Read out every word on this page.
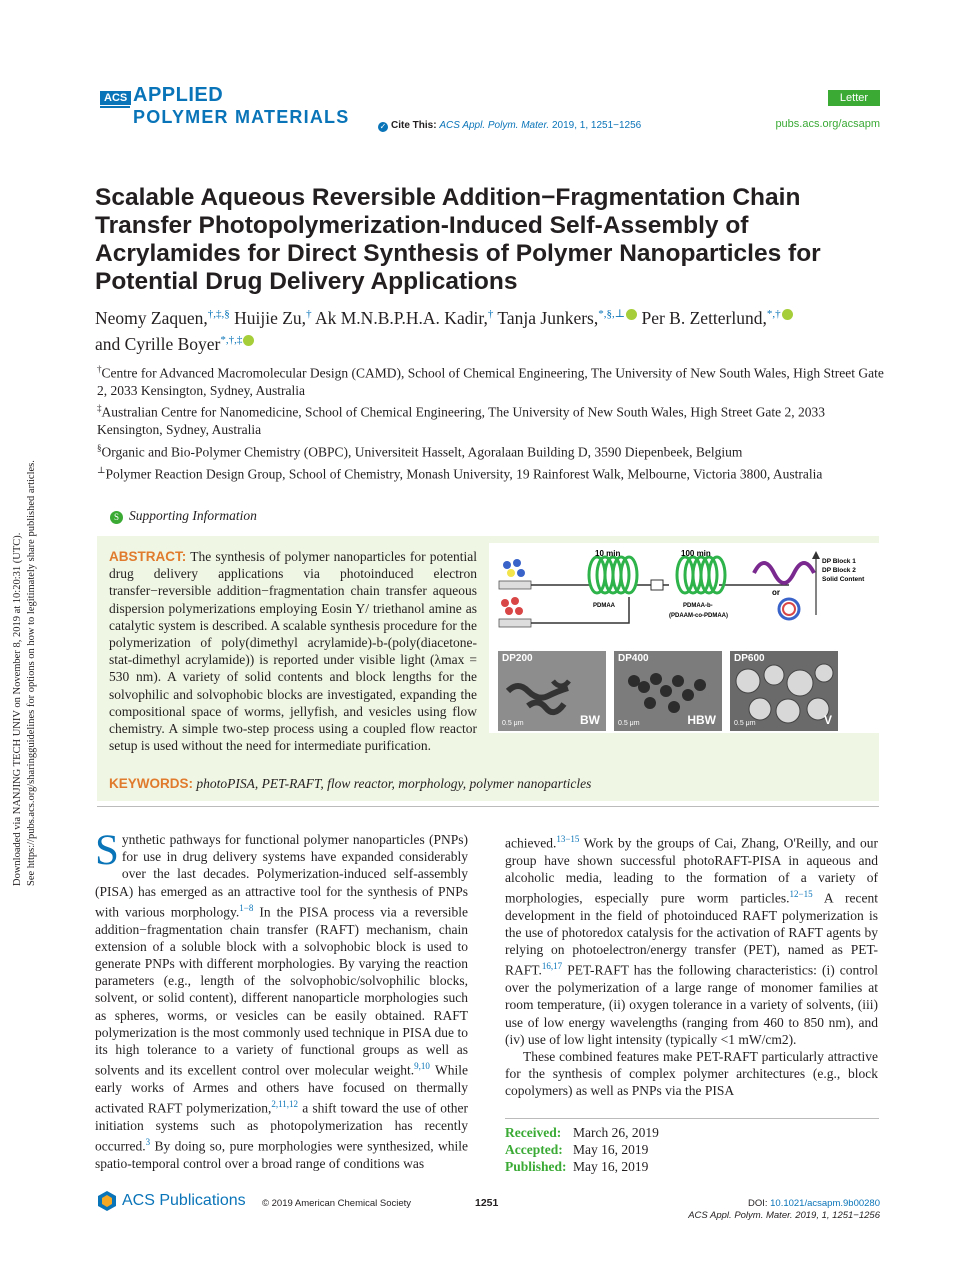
ACS APPLIED
POLYMER MATERIALS
Letter
✓ Cite This: ACS Appl. Polym. Mater. 2019, 1, 1251−1256	pubs.acs.org/acsapm
Scalable Aqueous Reversible Addition−Fragmentation Chain Transfer Photopolymerization-Induced Self-Assembly of Acrylamides for Direct Synthesis of Polymer Nanoparticles for Potential Drug Delivery Applications
Neomy Zaquen,†,‡,§ Huijie Zu,† Ak M.N.B.P.H.A. Kadir,† Tanja Junkers,*,§,⊥ Per B. Zetterlund,*,†
and Cyrille Boyer*,†,‡
†Centre for Advanced Macromolecular Design (CAMD), School of Chemical Engineering, The University of New South Wales, High Street Gate 2, 2033 Kensington, Sydney, Australia
‡Australian Centre for Nanomedicine, School of Chemical Engineering, The University of New South Wales, High Street Gate 2, 2033 Kensington, Sydney, Australia
§Organic and Bio-Polymer Chemistry (OBPC), Universiteit Hasselt, Agoralaan Building D, 3590 Diepenbeek, Belgium
⊥Polymer Reaction Design Group, School of Chemistry, Monash University, 19 Rainforest Walk, Melbourne, Victoria 3800, Australia
S Supporting Information
ABSTRACT: The synthesis of polymer nanoparticles for potential drug delivery applications via photoinduced electron transfer−reversible addition−fragmentation chain transfer aqueous dispersion polymerizations employing Eosin Y/ triethanol amine as catalytic system is described. A scalable synthesis procedure for the polymerization of poly(dimethyl acrylamide)-b-(poly(diacetone-stat-dimethyl acrylamide)) is reported under visible light (λmax = 530 nm). A variety of solid contents and block lengths for the solvophilic and solvophobic blocks are investigated, expanding the compositional space of worms, jellyfish, and vesicles using flow chemistry. A simple two-step process using a coupled flow reactor setup is used without the need for intermediate purification.
10 min	100 min
PDMAA	PDMAA-b-
(PDAAM-co-PDMAA)
or
DP Block 1
DP Block 2
Solid Content
DP200
BW
0.5 μm
DP400
HBW
0.5 μm
DP600
V
0.5 μm
KEYWORDS: photoPISA, PET-RAFT, flow reactor, morphology, polymer nanoparticles
Synthetic pathways for functional polymer nanoparticles (PNPs) for use in drug delivery systems have expanded considerably over the last decades. Polymerization-induced self-assembly (PISA) has emerged as an attractive tool for the synthesis of PNPs with various morphology.$^{1-8}$ In the PISA process via a reversible addition−fragmentation chain transfer (RAFT) mechanism, chain extension of a soluble block with a solvophobic block is used to generate PNPs with different morphologies. By varying the reaction parameters (e.g., length of the solvophobic/solvophilic blocks, solvent, or solid content), different nanoparticle morphologies such as spheres, worms, or vesicles can be easily obtained. RAFT polymerization is the most commonly used technique in PISA due to its high tolerance to a variety of functional groups as well as solvents and its excellent control over molecular weight.$^{9,10}$ While early works of Armes and others have focused on thermally activated RAFT polymerization,$^{2,11,12}$ a shift toward the use of other initiation systems such as photopolymerization has recently occurred.$^3$ By doing so, pure morphologies were synthesized, while spatio-temporal control over a broad range of conditions was
achieved.$^{13-15}$ Work by the groups of Cai, Zhang, O'Reilly, and our group have shown successful photoRAFT-PISA in aqueous and alcoholic media, leading to the formation of a variety of morphologies, especially pure worm particles.$^{12-15}$ A recent development in the field of photoinduced RAFT polymerization is the use of photoredox catalysis for the activation of RAFT agents by relying on photoelectron/energy transfer (PET), named as PET-RAFT.$^{16,17}$ PET-RAFT has the following characteristics: (i) control over the polymerization of a large range of monomer families at room temperature, (ii) oxygen tolerance in a variety of solvents, (iii) use of low energy wavelengths (ranging from 460 to 850 nm), and (iv) use of low light intensity (typically <1 mW/cm2).
These combined features make PET-RAFT particularly attractive for the synthesis of complex polymer architectures (e.g., block copolymers) as well as PNPs via the PISA
Received: March 26, 2019
Accepted: May 16, 2019
Published: May 16, 2019
Downloaded via NANJING TECH UNIV on November 8, 2019 at 10:20:31 (UTC). See https://pubs.acs.org/sharingguidelines for options on how to legitimately share published articles.
ACS Publications © 2019 American Chemical Society	1251	DOI: 10.1021/acsapm.9b00280
ACS Appl. Polym. Mater. 2019, 1, 1251−1256
